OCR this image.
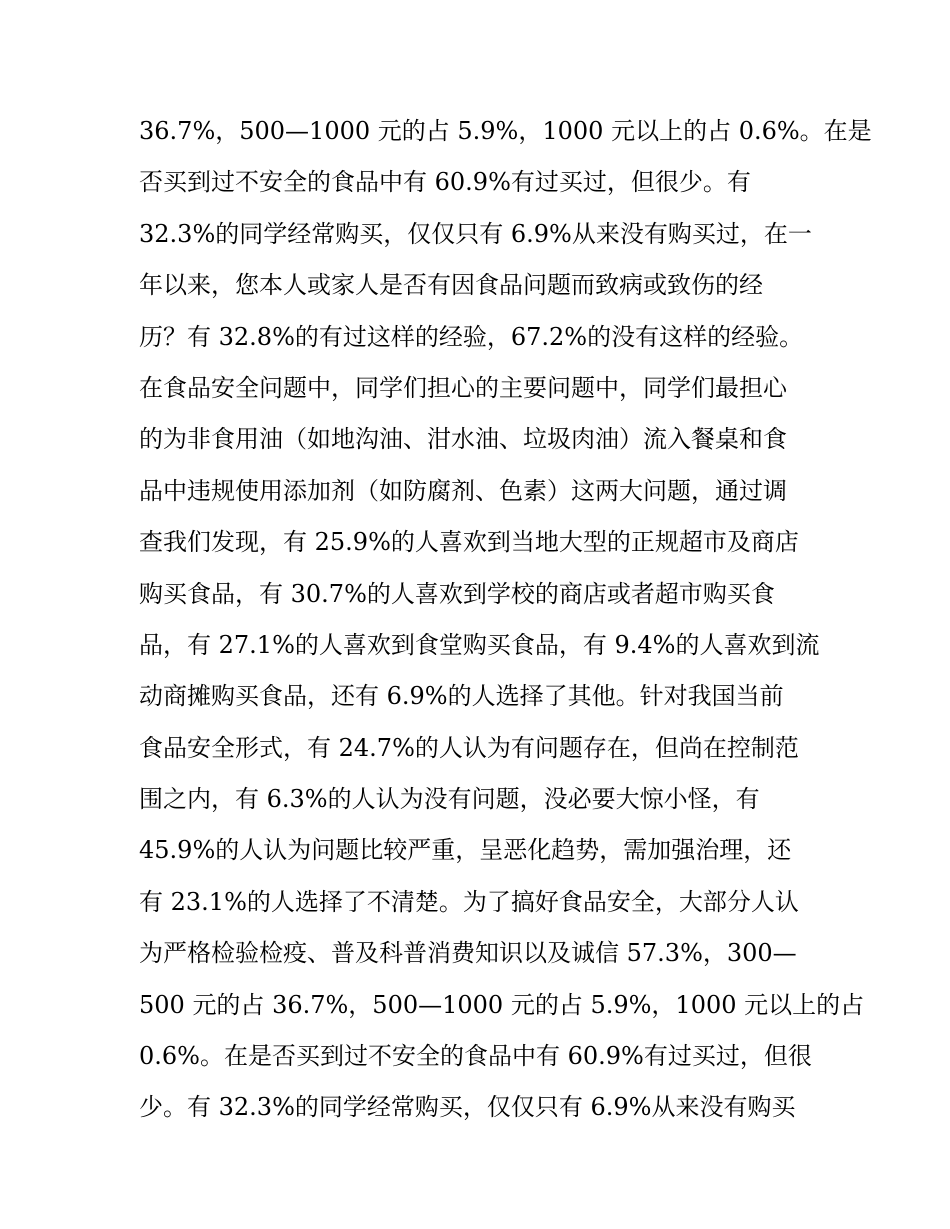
36.7%，500—1000 元的占 5.9%，1000 元以上的占 0.6%。在是
否买到过不安全的食品中有 60.9%有过买过，但很少。有
32.3%的同学经常购买，仅仅只有 6.9%从来没有购买过，在一
年以来，您本人或家人是否有因食品问题而致病或致伤的经
历？有 32.8%的有过这样的经验，67.2%的没有这样的经验。
在食品安全问题中，同学们担心的主要问题中，同学们最担心
的为非食用油（如地沟油、泔水油、垃圾肉油）流入餐桌和食
品中违规使用添加剂（如防腐剂、色素）这两大问题，通过调
查我们发现，有 25.9%的人喜欢到当地大型的正规超市及商店
购买食品，有 30.7%的人喜欢到学校的商店或者超市购买食
品，有 27.1%的人喜欢到食堂购买食品，有 9.4%的人喜欢到流
动商摊购买食品，还有 6.9%的人选择了其他。针对我国当前
食品安全形式，有 24.7%的人认为有问题存在，但尚在控制范
围之内，有 6.3%的人认为没有问题，没必要大惊小怪，有
45.9%的人认为问题比较严重，呈恶化趋势，需加强治理，还
有 23.1%的人选择了不清楚。为了搞好食品安全，大部分人认
为严格检验检疫、普及科普消费知识以及诚信 57.3%，300—
500 元的占 36.7%，500—1000 元的占 5.9%，1000 元以上的占
0.6%。在是否买到过不安全的食品中有 60.9%有过买过，但很
少。有 32.3%的同学经常购买，仅仅只有 6.9%从来没有购买
